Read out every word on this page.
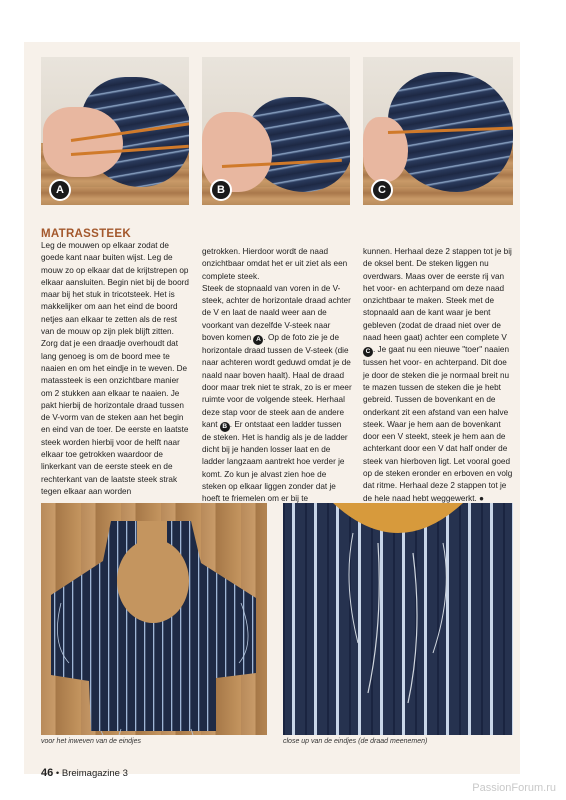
A	B	C
MATRASSTEEK

Leg de mouwen op elkaar zodat de goede kant naar buiten wijst. Leg de mouw zo op elkaar dat de krijtstrepen op elkaar aansluiten. Begin niet bij de boord maar bij het stuk in tricotsteek. Het is makkelijker om aan het eind de boord netjes aan elkaar te zetten als de rest van de mouw op zijn plek blijft zitten. Zorg dat je een draadje overhoudt dat lang genoeg is om de boord mee te naaien en om het eindje in te weven. De matassteek is een onzichtbare manier om 2 stukken aan elkaar te naaien. Je pakt hierbij de horizontale draad tussen de V-vorm van de steken aan het begin en eind van de toer. De eerste en laatste steek worden hierbij voor de helft naar elkaar toe getrokken waardoor de linkerkant van de eerste steek en de rechterkant van de laatste steek strak tegen elkaar aan worden

getrokken. Hierdoor wordt de naad onzichtbaar omdat het er uit ziet als een complete steek.

Steek de stopnaald van voren in de V-steek, achter de horizontale draad achter de V en laat de naald weer aan de voorkant van dezelfde V-steek naar boven komen A . Op de foto zie je de horizontale draad tussen de V-steek (die naar achteren wordt geduwd omdat je de naald naar boven haalt). Haal de draad door maar trek niet te strak, zo is er meer ruimte voor de volgende steek. Herhaal deze stap voor de steek aan de andere kant B . Er ontstaat een ladder tussen de steken. Het is handig als je de ladder dicht bij je handen losser laat en de ladder langzaam aantrekt hoe verder je komt. Zo kun je alvast zien hoe de steken op elkaar liggen zonder dat je hoeft te friemelen om er bij te

kunnen. Herhaal deze 2 stappen tot je bij de oksel bent. De steken liggen nu overdwars. Maas over de eerste rij van het voor- en achterpand om deze naad onzichtbaar te maken. Steek met de stopnaald aan de kant waar je bent gebleven (zodat de draad niet over de naad heen gaat) achter een complete V C . Je gaat nu een nieuwe "toer" naaien tussen het voor- en achterpand. Dit doe je door de steken die je normaal breit nu te mazen tussen de steken die je hebt gebreid. Tussen de bovenkant en de onderkant zit een afstand van een halve steek. Waar je hem aan de bovenkant door een V steekt, steek je hem aan de achterkant door een V dat half onder de steek van hierboven ligt. Let vooral goed op de steken eronder en erboven en volg dat ritme. Herhaal deze 2 stappen tot je de hele naad hebt weggewerkt. ●

voor het inweven van de eindjes	close up van de eindjes (de draad meenemen)
46 • Breimagazine 3
PassionForum.ru
